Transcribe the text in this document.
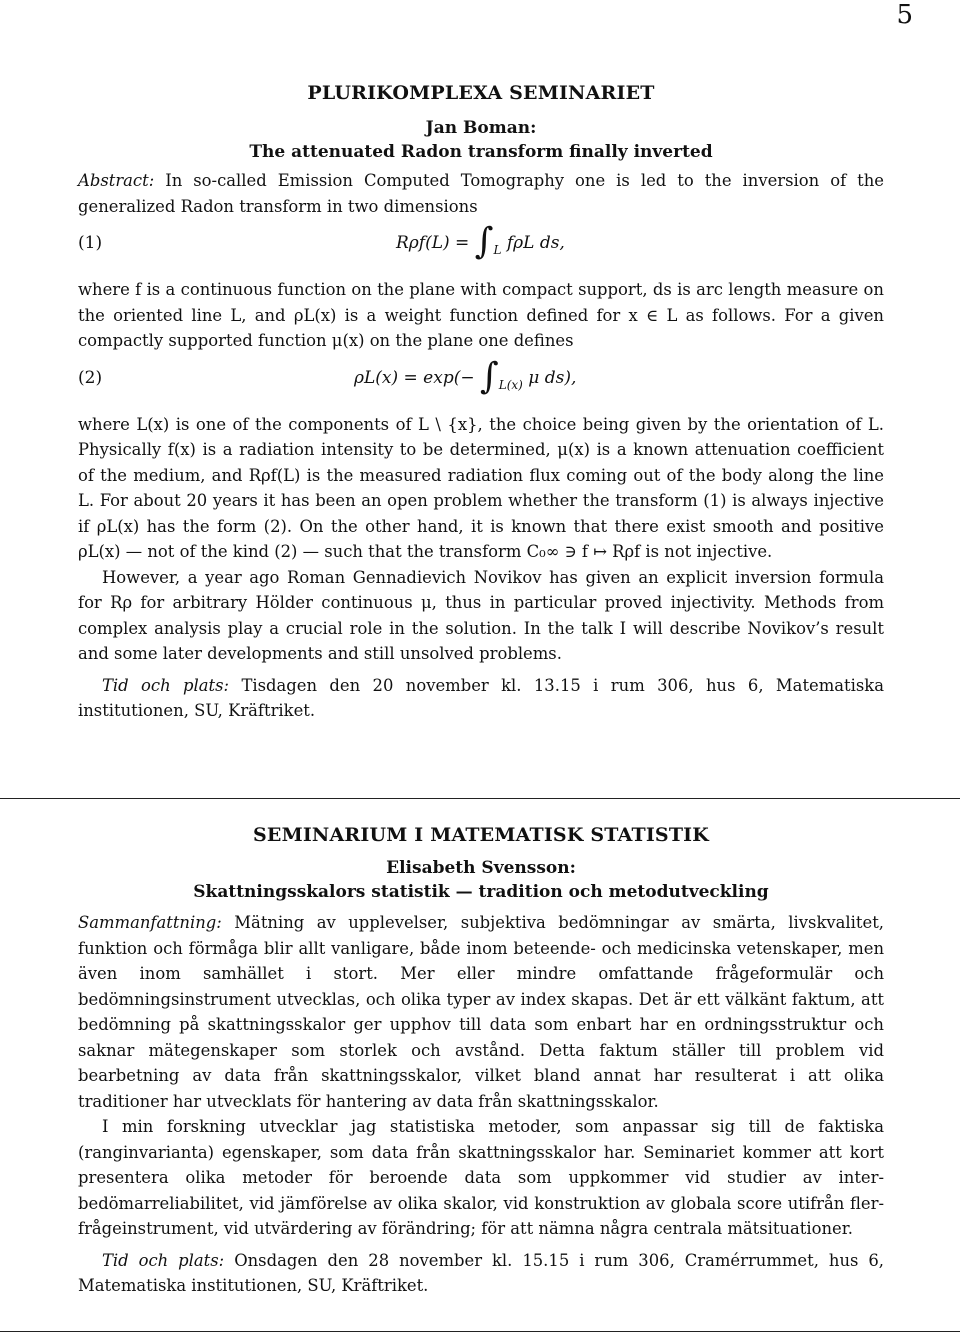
5
PLURIKOMPLEXA SEMINARIET
Jan Boman:
The attenuated Radon transform finally inverted

Abstract: In so-called Emission Computed Tomography one is led to the inversion of the generalized Radon transform in two dimensions

(1)	$R\rho f(L) = \int_L$ fρL ds,

where f is a continuous function on the plane with compact support, ds is arc length measure on the oriented line L, and ρL(x) is a weight function defined for x ∈ L as follows. For a given compactly supported function μ(x) on the plane one defines

(2)	$\rho L(x) = \exp(- \int_{L(x)}$ μ ds),

where L(x) is one of the components of L \ {x}, the choice being given by the orientation of L. Physically f(x) is a radiation intensity to be determined, μ(x) is a known attenuation coefficient of the medium, and Rρf(L) is the measured radiation flux coming out of the body along the line L. For about 20 years it has been an open problem whether the transform (1) is always injective if ρL(x) has the form (2). On the other hand, it is known that there exist smooth and positive ρL(x) — not of the kind (2) — such that the transform C₀∞ ∋ f ↦ Rρf is not injective.

However, a year ago Roman Gennadievich Novikov has given an explicit inversion formula for Rρ for arbitrary Hölder continuous μ, thus in particular proved injectivity. Methods from complex analysis play a crucial role in the solution. In the talk I will describe Novikov’s result and some later developments and still unsolved problems.

Tid och plats: Tisdagen den 20 november kl. 13.15 i rum 306, hus 6, Matematiska institutionen, SU, Kräftriket.

SEMINARIUM I MATEMATISK STATISTIK
Elisabeth Svensson:
Skattningsskalors statistik — tradition och metodutveckling

Sammanfattning: Mätning av upplevelser, subjektiva bedömningar av smärta, livskvalitet, funktion och förmåga blir allt vanligare, både inom beteende- och medicinska vetenskaper, men även inom samhället i stort. Mer eller mindre omfattande frågeformulär och bedömningsinstrument utvecklas, och olika typer av index skapas. Det är ett välkänt faktum, att bedömning på skattningsskalor ger upphov till data som enbart har en ordningsstruktur och saknar mätegenskaper som storlek och avstånd. Detta faktum ställer till problem vid bearbetning av data från skattningsskalor, vilket bland annat har resulterat i att olika traditioner har utvecklats för hantering av data från skattningsskalor.

I min forskning utvecklar jag statistiska metoder, som anpassar sig till de faktiska (ranginvarianta) egenskaper, som data från skattningsskalor har. Seminariet kommer att kort presentera olika metoder för beroende data som uppkommer vid studier av inter-bedömarreliabilitet, vid jämförelse av olika skalor, vid konstruktion av globala score utifrån fler-frågeinstrument, vid utvärdering av förändring; för att nämna några centrala mätsituationer.

Tid och plats: Onsdagen den 28 november kl. 15.15 i rum 306, Cramérrummet, hus 6, Matematiska institutionen, SU, Kräftriket.
